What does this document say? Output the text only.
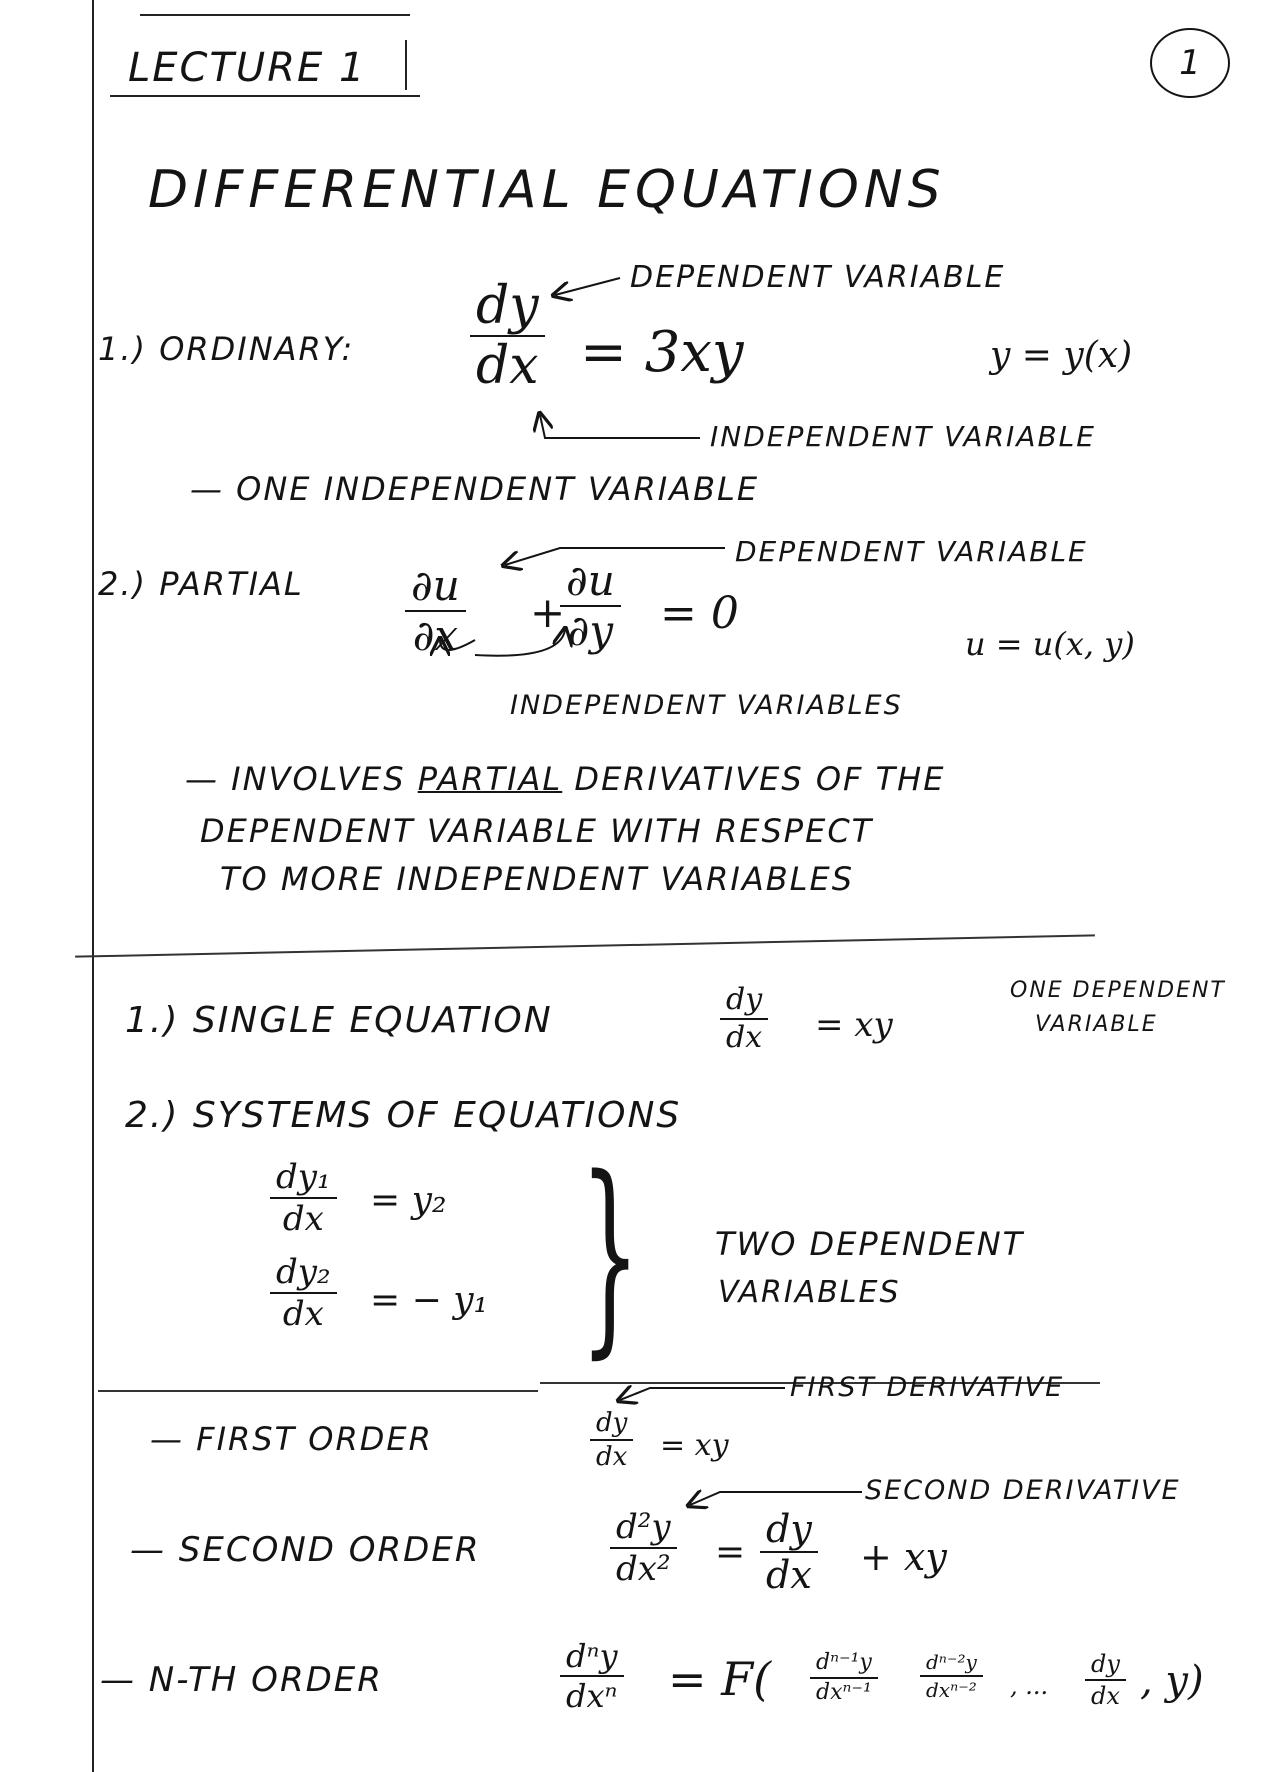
LECTURE 1	1
DIFFERENTIAL EQUATIONS
1.) ORDINARY:
dy
dx = 3xy
DEPENDENT VARIABLE
y = y(x)
INDEPENDENT VARIABLE
— ONE INDEPENDENT VARIABLE
2.) PARTIAL	∂u
∂x +
∂u
∂y = 0
DEPENDENT VARIABLE
u = u(x, y)
INDEPENDENT VARIABLES
— INVOLVES PARTIAL DERIVATIVES OF THE
DEPENDENT VARIABLE WITH RESPECT
TO MORE INDEPENDENT VARIABLES
1.) SINGLE EQUATION
dy
dx = xy
ONE DEPENDENT
VARIABLE
2.) SYSTEMS OF EQUATIONS
dy₁
dx = y₂
dy₂
dx = − y₁ } TWO DEPENDENT
VARIABLES
— FIRST ORDER	dy
dx = xy
FIRST DERIVATIVE
— SECOND ORDER
d²y
dx² =
dy
dx + xy
SECOND DERIVATIVE
— N-TH ORDER
dⁿy
dxⁿ = F( dⁿ⁻¹y
dxⁿ⁻¹
dⁿ⁻²y
dxⁿ⁻² , ...
dy
dx , y)
